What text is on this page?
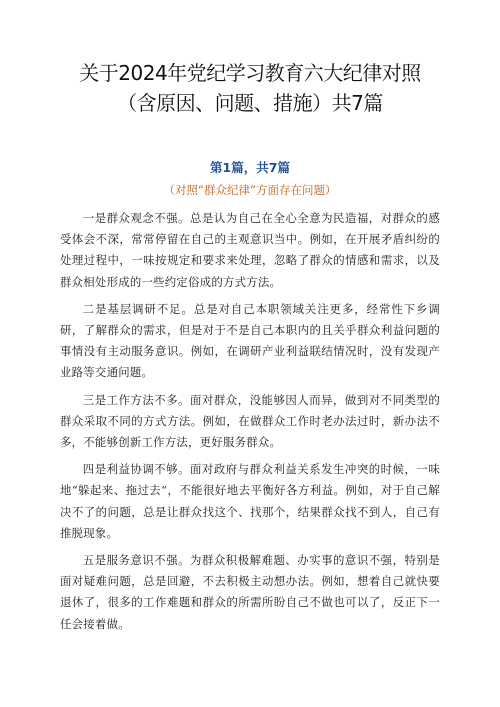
关于2024年党纪学习教育六大纪律对照
（含原因、问题、措施）共7篇
第1篇，共7篇
（对照“群众纪律”方面存在问题）

一是群众观念不强。总是认为自己在全心全意为民造福，对群众的感受体会不深，常常停留在自己的主观意识当中。例如，在开展矛盾纠纷的处理过程中，一味按规定和要求来处理，忽略了群众的情感和需求，以及群众相处形成的一些约定俗成的方式方法。

二是基层调研不足。总是对自己本职领域关注更多，经常性下乡调研，了解群众的需求，但是对于不是自己本职内的且关乎群众利益问题的事情没有主动服务意识。例如，在调研产业利益联结情况时，没有发现产业路等交通问题。

三是工作方法不多。面对群众，没能够因人而异，做到对不同类型的群众采取不同的方式方法。例如，在做群众工作时老办法过时，新办法不多，不能够创新工作方法，更好服务群众。

四是利益协调不够。面对政府与群众利益关系发生冲突的时候，一味地“躲起来、拖过去“，不能很好地去平衡好各方利益。例如，对于自己解决不了的问题，总是让群众找这个、找那个，结果群众找不到人，自己有推脱现象。

五是服务意识不强。为群众积极解难题、办实事的意识不强，特别是面对疑难问题，总是回避，不去积极主动想办法。例如，想着自己就快要退休了，很多的工作难题和群众的所需所盼自己不做也可以了，反正下一任会接着做。
